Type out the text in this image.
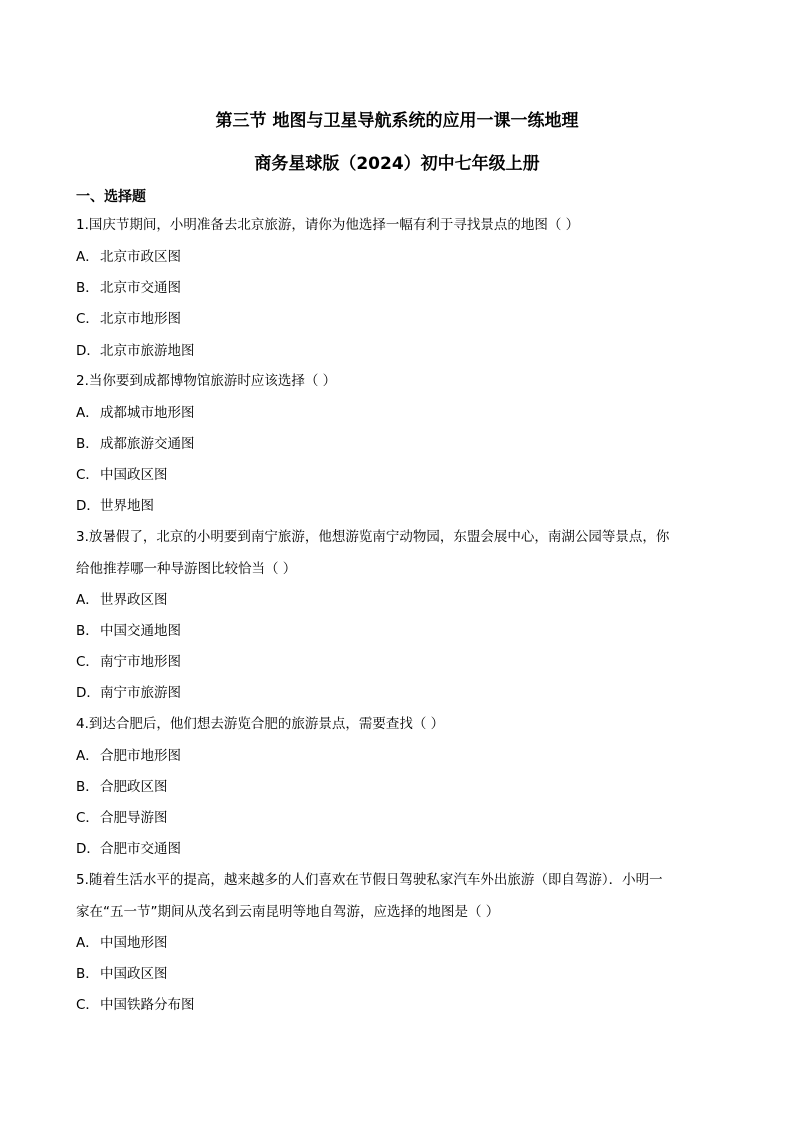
第三节 地图与卫星导航系统的应用一课一练地理
商务星球版（2024）初中七年级上册
一、选择题
1.国庆节期间，小明准备去北京旅游，请你为他选择一幅有利于寻找景点的地图（ ）
A．北京市政区图
B．北京市交通图
C．北京市地形图
D．北京市旅游地图
2.当你要到成都博物馆旅游时应该选择（ ）
A．成都城市地形图
B．成都旅游交通图
C．中国政区图
D．世界地图
3.放暑假了，北京的小明要到南宁旅游，他想游览南宁动物园，东盟会展中心，南湖公园等景点，你
给他推荐哪一种导游图比较恰当（ ）
A．世界政区图
B．中国交通地图
C．南宁市地形图
D．南宁市旅游图
4.到达合肥后，他们想去游览合肥的旅游景点，需要查找（ ）
A．合肥市地形图
B．合肥政区图
C．合肥导游图
D．合肥市交通图
5.随着生活水平的提高，越来越多的人们喜欢在节假日驾驶私家汽车外出旅游（即自驾游）．小明一
家在“五一节”期间从茂名到云南昆明等地自驾游，应选择的地图是（ ）
A．中国地形图
B．中国政区图
C．中国铁路分布图
